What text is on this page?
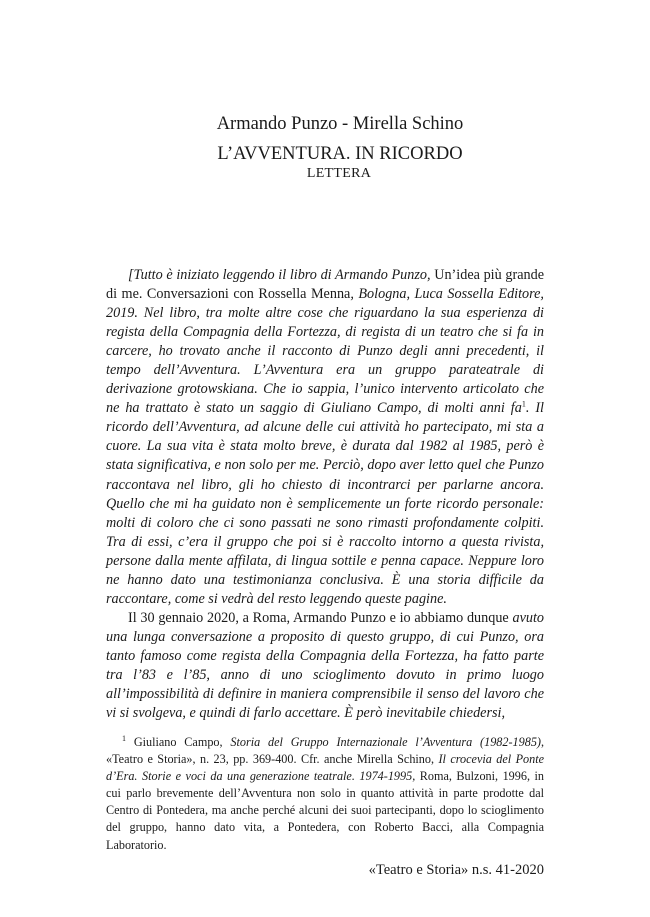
Armando Punzo - Mirella Schino
L’AVVENTURA. IN RICORDO
LETTERA

[Tutto è iniziato leggendo il libro di Armando Punzo, Un’idea più grande di me. Conversazioni con Rossella Menna, Bologna, Luca Sossella Editore, 2019. Nel libro, tra molte altre cose che riguardano la sua esperienza di regista della Compagnia della Fortezza, di regista di un teatro che si fa in carcere, ho trovato anche il racconto di Punzo degli anni precedenti, il tempo dell’Avventura. L’Avventura era un gruppo parateatrale di derivazione grotowskiana. Che io sappia, l’unico intervento articolato che ne ha trattato è stato un saggio di Giuliano Campo, di molti anni $fa^1$. Il ricordo dell’Avventura, ad alcune delle cui attività ho partecipato, mi sta a cuore. La sua vita è stata molto breve, è durata dal 1982 al 1985, però è stata significativa, e non solo per me. Perciò, dopo aver letto quel che Punzo raccontava nel libro, gli ho chiesto di incontrarci per parlarne ancora. Quello che mi ha guidato non è semplicemente un forte ricordo personale: molti di coloro che ci sono passati ne sono rimasti profondamente colpiti. Tra di essi, c’era il gruppo che poi si è raccolto intorno a questa rivista, persone dalla mente affilata, di lingua sottile e penna capace. Neppure loro ne hanno dato una testimonianza conclusiva. È una storia difficile da raccontare, come si vedrà del resto leggendo queste pagine.

Il 30 gennaio 2020, a Roma, Armando Punzo e io abbiamo dunque avuto una lunga conversazione a proposito di questo gruppo, di cui Punzo, ora tanto famoso come regista della Compagnia della Fortezza, ha fatto parte tra l’83 e l’85, anno di uno scioglimento dovuto in primo luogo all’impossibilità di definire in maniera comprensibile il senso del lavoro che vi si svolgeva, e quindi di farlo accettare. È però inevitabile chiedersi,

$^1$ Giuliano Campo, Storia del Gruppo Internazionale l’Avventura (1982-1985), «Teatro e Storia», n. 23, pp. 369-400. Cfr. anche Mirella Schino, Il crocevia del Ponte d’Era. Storie e voci da una generazione teatrale. 1974-1995, Roma, Bulzoni, 1996, in cui parlo brevemente dell’Avventura non solo in quanto attività in parte prodotte dal Centro di Pontedera, ma anche perché alcuni dei suoi partecipanti, dopo lo scioglimento del gruppo, hanno dato vita, a Pontedera, con Roberto Bacci, alla Compagnia Laboratorio.

«Teatro e Storia» n.s. 41-2020
